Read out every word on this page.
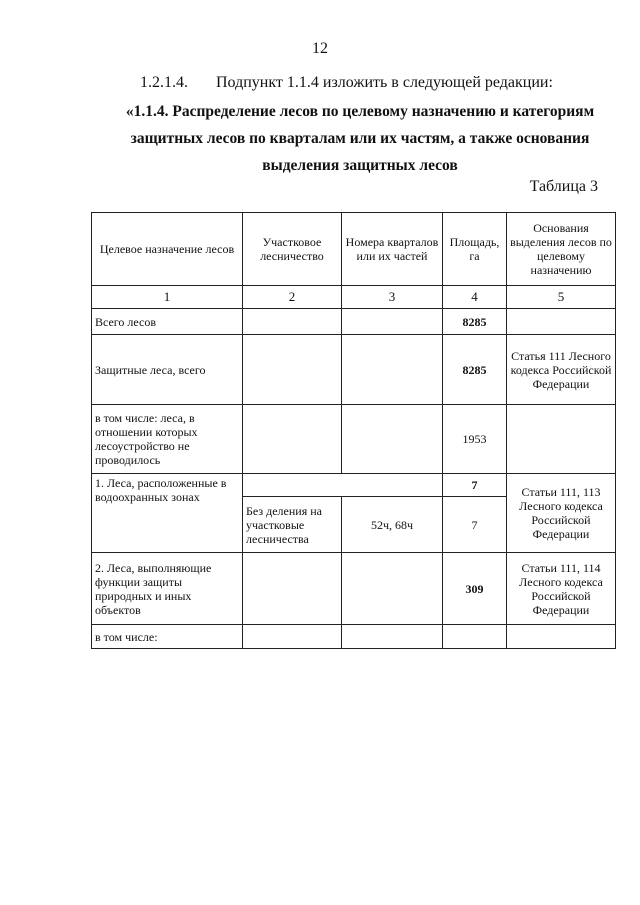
12
1.2.1.4. Подпункт 1.1.4 изложить в следующей редакции:
«1.1.4. Распределение лесов по целевому назначению и категориям защитных лесов по кварталам или их частям, а также основания выделения защитных лесов
Таблица 3
Целевое назначение лесов	Участковое лесничество	Номера кварталов или их частей	Площадь, га	Основания выделения лесов по целевому назначению
1	2	3	4	5
Всего лесов			8285	
Защитные леса, всего			8285	Статья 111 Лесного кодекса Российской Федерации
в том числе: леса, в отношении которых лесоустройство не проводилось			1953	
1. Леса, расположенные в водоохранных зонах			7	Статьи 111, 113 Лесного кодекса Российской Федерации
	Без деления на участковые лесничества	52ч, 68ч	7	
2. Леса, выполняющие функции защиты природных и иных объектов			309	Статьи 111, 114 Лесного кодекса Российской Федерации
в том числе:				
